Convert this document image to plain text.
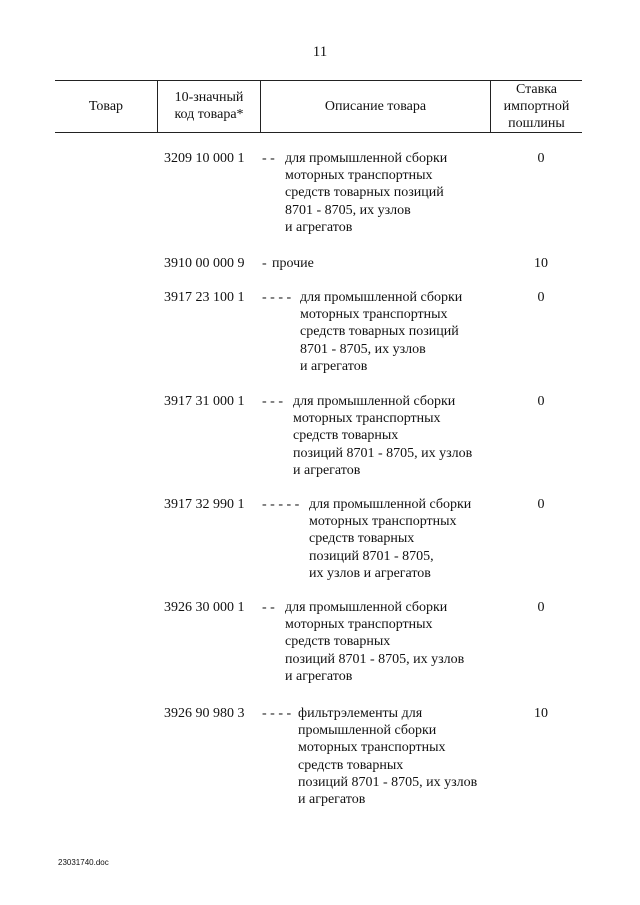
11
Товар
10-значный
код товара*
Описание товара
Ставка
импортной
пошлины
3209 10 000 1 - - для промышленной сборки
моторных транспортных
средств товарных позиций
8701 - 8705, их узлов
и агрегатов
0
3910 00 000 9 - прочие	10
3917 23 100 1 - - - - для промышленной сборки
моторных транспортных
средств товарных позиций
8701 - 8705, их узлов
и агрегатов
0
3917 31 000 1 - - - для промышленной сборки
моторных транспортных
средств товарных
позиций 8701 - 8705, их узлов
и агрегатов
0
3917 32 990 1 - - - - - для промышленной сборки
моторных транспортных
средств товарных
позиций 8701 - 8705,
их узлов и агрегатов
0
3926 30 000 1 - - для промышленной сборки
моторных транспортных
средств товарных
позиций 8701 - 8705, их узлов
и агрегатов
0
3926 90 980 3 - - - - фильтрэлементы для
промышленной сборки
моторных транспортных
средств товарных
позиций 8701 - 8705, их узлов
и агрегатов
10
23031740.doc
